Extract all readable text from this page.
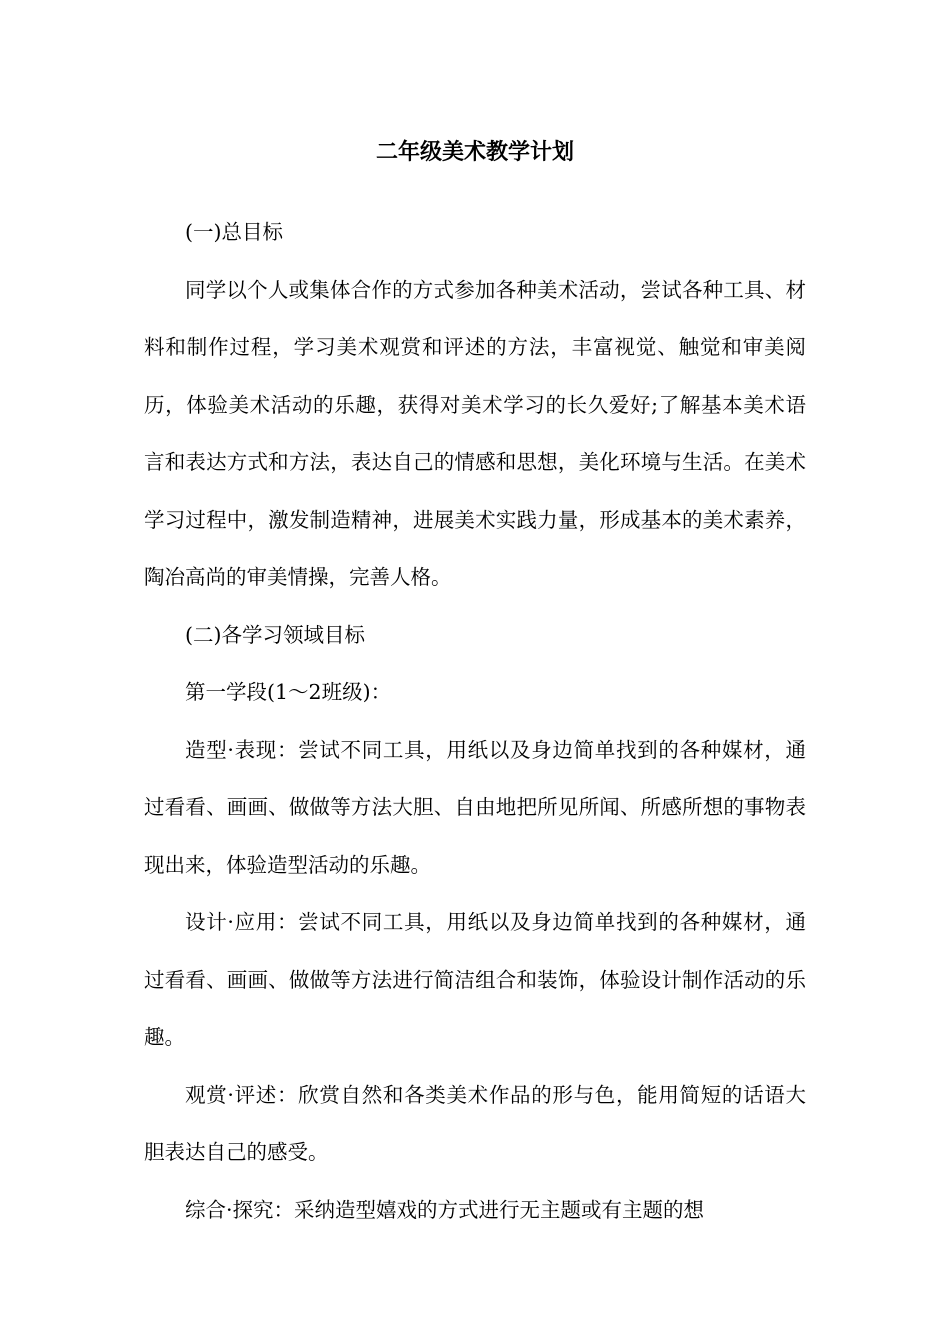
二年级美术教学计划

(一)总目标

同学以个人或集体合作的方式参加各种美术活动，尝试各种工具、材料和制作过程，学习美术观赏和评述的方法，丰富视觉、触觉和审美阅历，体验美术活动的乐趣，获得对美术学习的长久爱好;了解基本美术语言和表达方式和方法，表达自己的情感和思想，美化环境与生活。在美术学习过程中，激发制造精神，进展美术实践力量，形成基本的美术素养，陶冶高尚的审美情操，完善人格。

(二)各学习领域目标

第一学段(1～2班级)：

造型·表现：尝试不同工具，用纸以及身边简单找到的各种媒材，通过看看、画画、做做等方法大胆、自由地把所见所闻、所感所想的事物表现出来，体验造型活动的乐趣。

设计·应用：尝试不同工具，用纸以及身边简单找到的各种媒材，通过看看、画画、做做等方法进行简洁组合和装饰，体验设计制作活动的乐趣。

观赏·评述：欣赏自然和各类美术作品的形与色，能用简短的话语大胆表达自己的感受。

综合·探究：采纳造型嬉戏的方式进行无主题或有主题的想
